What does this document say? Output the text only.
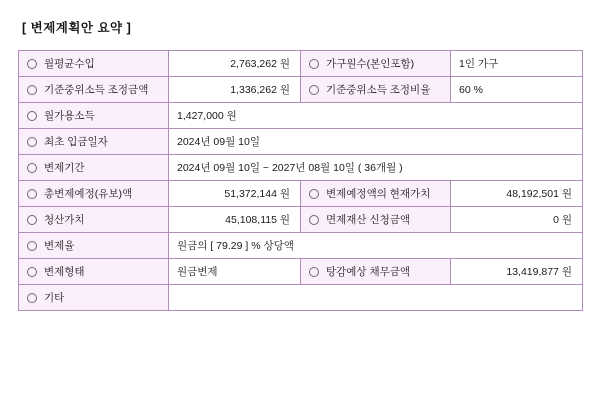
[ 변제계획안 요약 ]
월평균수입	2,763,262 원	가구원수(본인포함)	1인 가구

기준중위소득 조정금액	1,336,262 원	기준중위소득 조정비율	60 %

월가용소득	1,427,000 원		

최초 입금일자	2024년 09월 10일		

변제기간	2024년 09월 10일 ~ 2027년 08월 10일 ( 36개월 )		

총변제예정(유보)액	51,372,144 원	변제예정액의 현재가치	48,192,501 원

청산가치	45,108,115 원	면제재산 신청금액	0 원

변제율	원금의 [ 79.29 ] % 상당액		

변제형태	원금변제	탕감예상 채무금액	13,419,877 원

기타			
